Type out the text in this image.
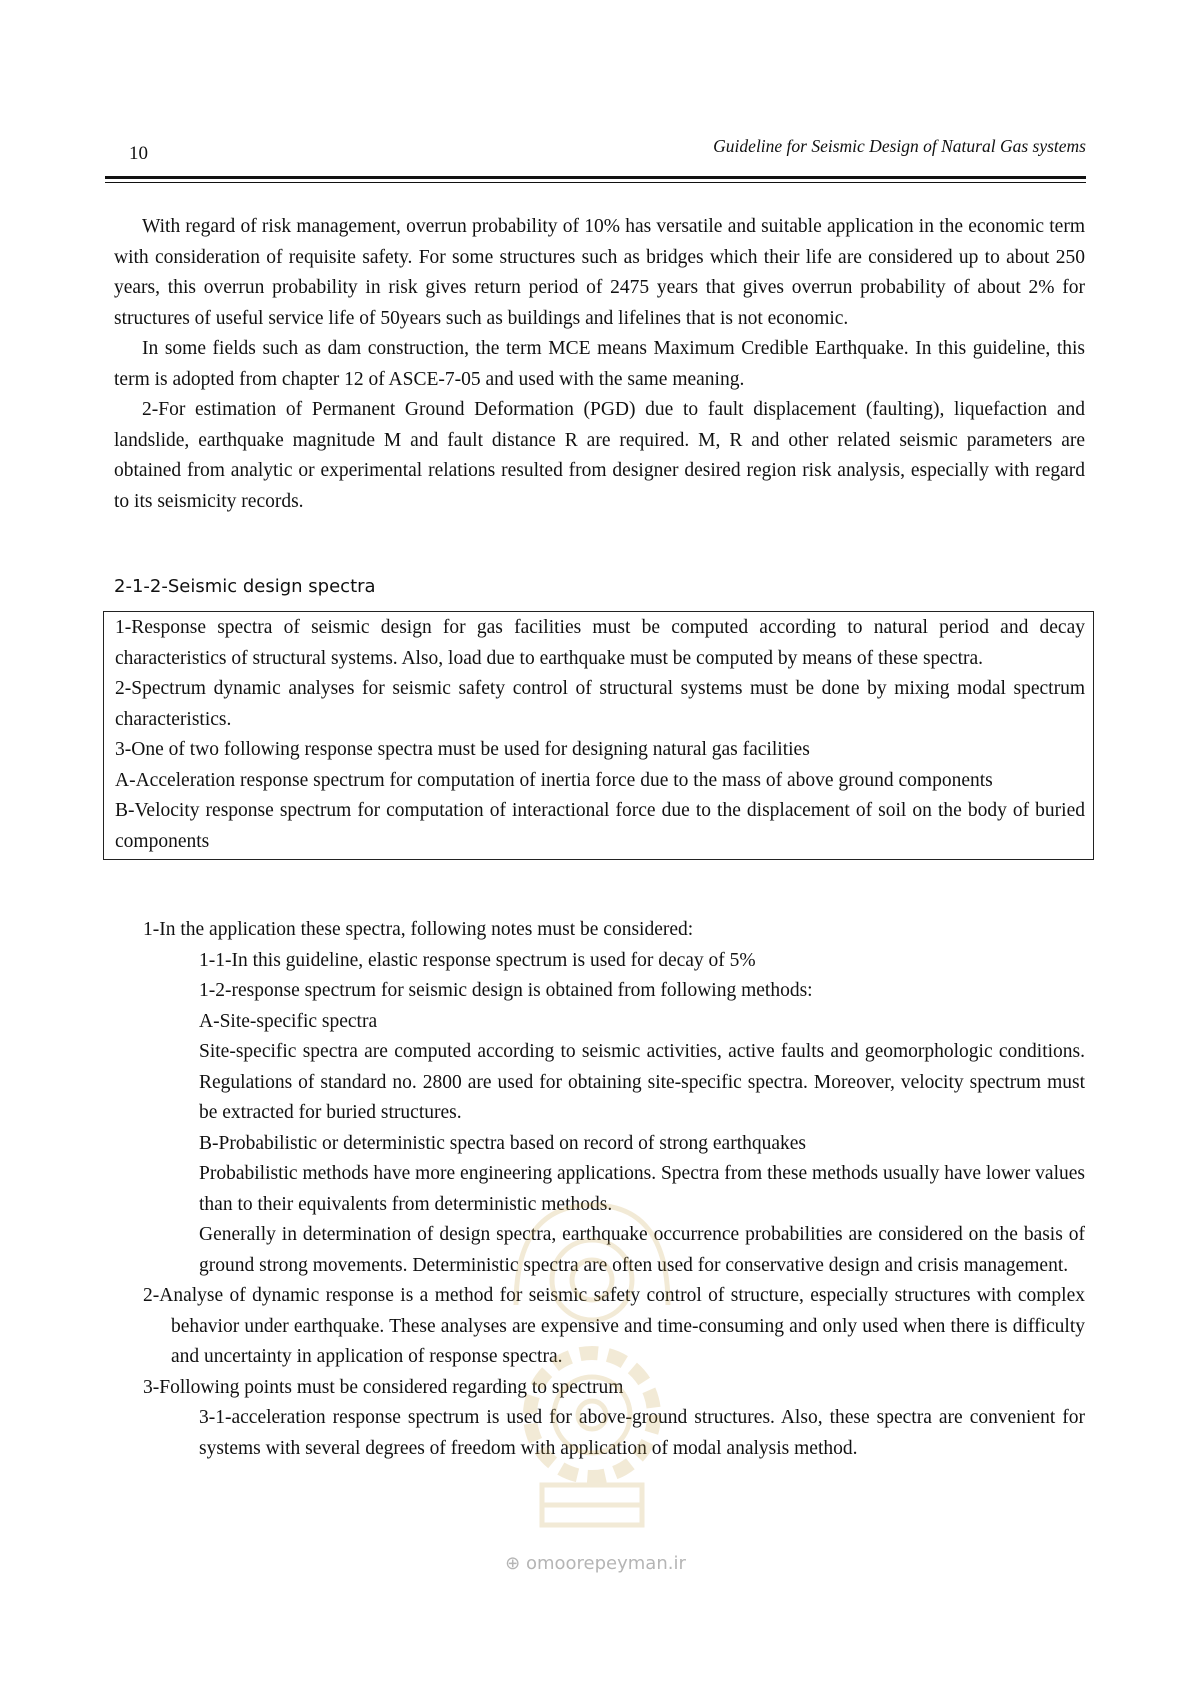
10	Guideline for Seismic Design of Natural Gas systems

With regard of risk management, overrun probability of 10% has versatile and suitable application in the economic term with consideration of requisite safety. For some structures such as bridges which their life are considered up to about 250 years, this overrun probability in risk gives return period of 2475 years that gives overrun probability of about 2% for structures of useful service life of 50years such as buildings and lifelines that is not economic.

In some fields such as dam construction, the term MCE means Maximum Credible Earthquake. In this guideline, this term is adopted from chapter 12 of ASCE-7-05 and used with the same meaning.

2-For estimation of Permanent Ground Deformation (PGD) due to fault displacement (faulting), liquefaction and landslide, earthquake magnitude M and fault distance R are required. M, R and other related seismic parameters are obtained from analytic or experimental relations resulted from designer desired region risk analysis, especially with regard to its seismicity records.

2-1-2-Seismic design spectra

1-Response spectra of seismic design for gas facilities must be computed according to natural period and decay characteristics of structural systems. Also, load due to earthquake must be computed by means of these spectra.

2-Spectrum dynamic analyses for seismic safety control of structural systems must be done by mixing modal spectrum characteristics.

3-One of two following response spectra must be used for designing natural gas facilities

A-Acceleration response spectrum for computation of inertia force due to the mass of above ground components

B-Velocity response spectrum for computation of interactional force due to the displacement of soil on the body of buried components

1-In the application these spectra, following notes must be considered:

1-1-In this guideline, elastic response spectrum is used for decay of 5%

1-2-response spectrum for seismic design is obtained from following methods:

A-Site-specific spectra

Site-specific spectra are computed according to seismic activities, active faults and geomorphologic conditions. Regulations of standard no. 2800 are used for obtaining site-specific spectra. Moreover, velocity spectrum must be extracted for buried structures.

B-Probabilistic or deterministic spectra based on record of strong earthquakes

Probabilistic methods have more engineering applications. Spectra from these methods usually have lower values than to their equivalents from deterministic methods.

Generally in determination of design spectra, earthquake occurrence probabilities are considered on the basis of ground strong movements. Deterministic spectra are often used for conservative design and crisis management.

2-Analyse of dynamic response is a method for seismic safety control of structure, especially structures with complex behavior under earthquake. These analyses are expensive and time-consuming and only used when there is difficulty and uncertainty in application of response spectra.

3-Following points must be considered regarding to spectrum

3-1-acceleration response spectrum is used for above-ground structures. Also, these spectra are convenient for systems with several degrees of freedom with application of modal analysis method.

⊕ omoorepeyman.ir
